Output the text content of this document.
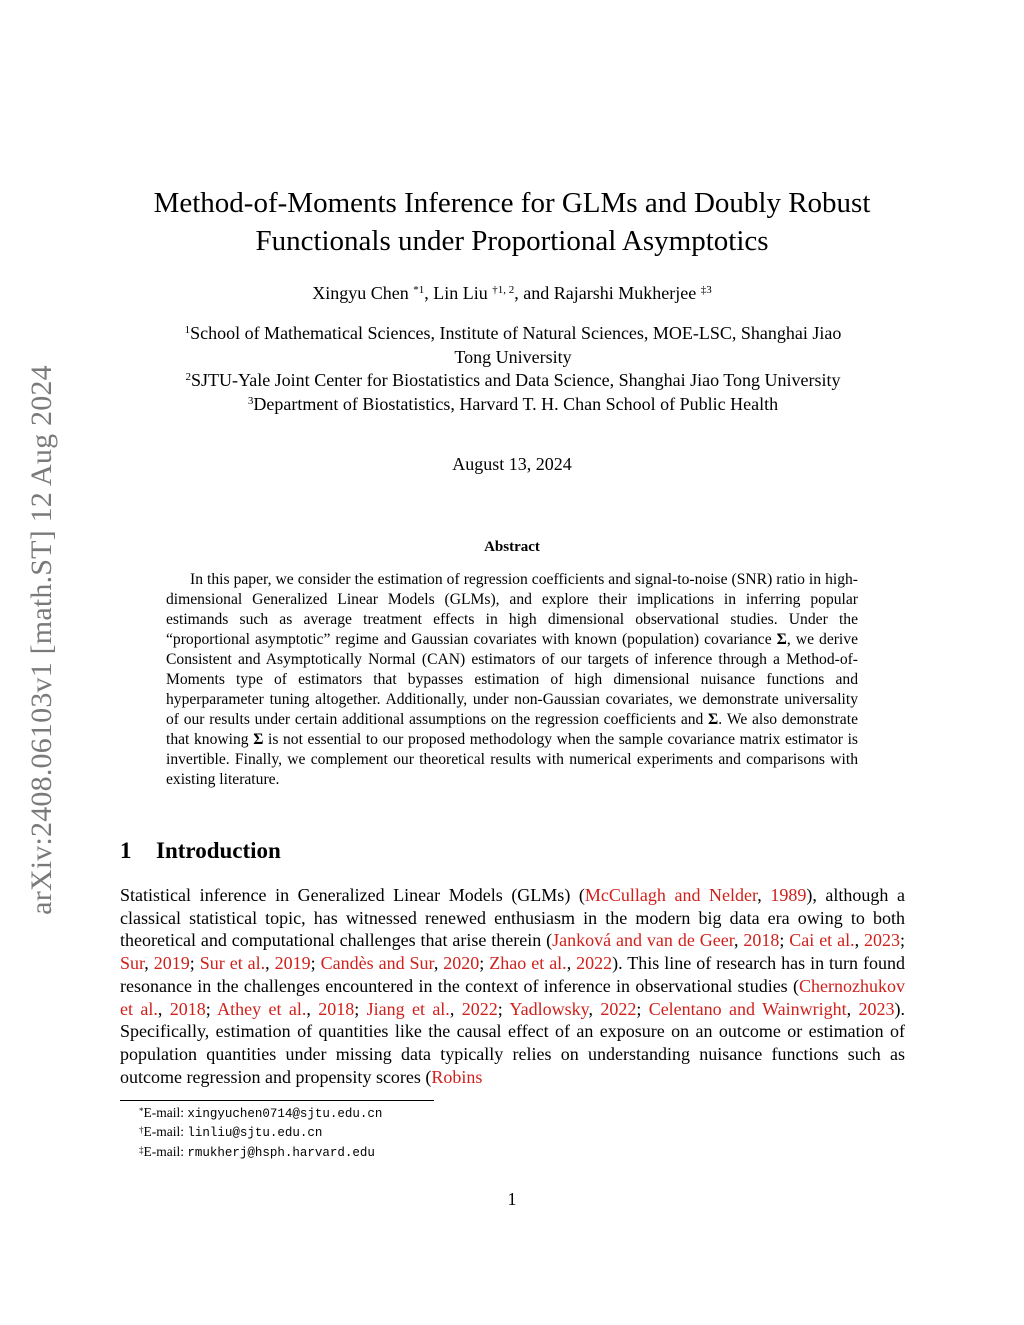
arXiv:2408.06103v1 [math.ST] 12 Aug 2024
Method-of-Moments Inference for GLMs and Doubly Robust
Functionals under Proportional Asymptotics
Xingyu Chen $^{*1}$, Lin Liu $^{\dagger 1, 2}$, and Rajarshi Mukherjee $^{\ddagger 3}$
$^1$School of Mathematical Sciences, Institute of Natural Sciences, MOE-LSC, Shanghai Jiao
Tong University
$^2$SJTU-Yale Joint Center for Biostatistics and Data Science, Shanghai Jiao Tong University
$^3$Department of Biostatistics, Harvard T. H. Chan School of Public Health
August 13, 2024
Abstract
In this paper, we consider the estimation of regression coefficients and signal-to-noise (SNR) ratio in high-dimensional Generalized Linear Models (GLMs), and explore their implications in inferring popular estimands such as average treatment effects in high dimensional observational studies. Under the “proportional asymptotic” regime and Gaussian covariates with known (population) covariance Σ, we derive Consistent and Asymptotically Normal (CAN) estimators of our targets of inference through a Method-of-Moments type of estimators that bypasses estimation of high dimensional nuisance functions and hyperparameter tuning altogether. Additionally, under non-Gaussian covariates, we demonstrate universality of our results under certain additional assumptions on the regression coefficients and Σ. We also demonstrate that knowing Σ is not essential to our proposed methodology when the sample covariance matrix estimator is invertible. Finally, we complement our theoretical results with numerical experiments and comparisons with existing literature.
1 Introduction
Statistical inference in Generalized Linear Models (GLMs) (McCullagh and Nelder, 1989), although a classical statistical topic, has witnessed renewed enthusiasm in the modern big data era owing to both theoretical and computational challenges that arise therein (Janková and van de Geer, 2018; Cai et al., 2023; Sur, 2019; Sur et al., 2019; Candès and Sur, 2020; Zhao et al., 2022). This line of research has in turn found resonance in the challenges encountered in the context of inference in observational studies (Chernozhukov et al., 2018; Athey et al., 2018; Jiang et al., 2022; Yadlowsky, 2022; Celentano and Wainwright, 2023). Specifically, estimation of quantities like the causal effect of an exposure on an outcome or estimation of population quantities under missing data typically relies on understanding nuisance functions such as outcome regression and propensity scores (Robins
*E-mail: xingyuchen0714@sjtu.edu.cn
†E-mail: linliu@sjtu.edu.cn
‡E-mail: rmukherj@hsph.harvard.edu
1
